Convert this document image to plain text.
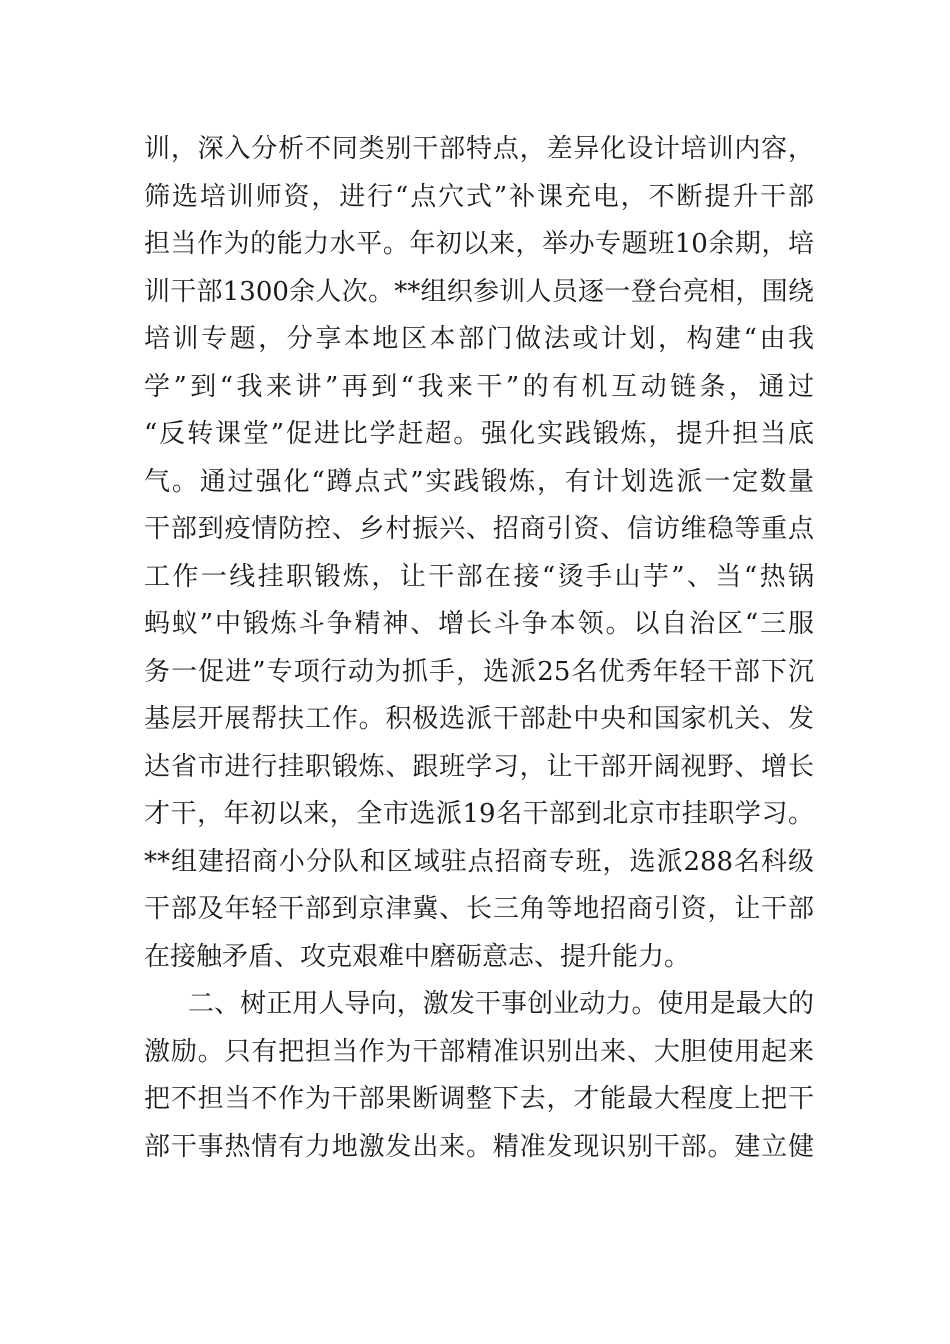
训，深入分析不同类别干部特点，差异化设计培训内容，
筛选培训师资，进行“点穴式”补课充电，不断提升干部
担当作为的能力水平。年初以来，举办专题班10余期，培
训干部1300余人次。**组织参训人员逐一登台亮相，围绕
培训专题，分享本地区本部门做法或计划，构建“由我
学”到“我来讲”再到“我来干”的有机互动链条，通过
“反转课堂”促进比学赶超。强化实践锻炼，提升担当底
气。通过强化“蹲点式”实践锻炼，有计划选派一定数量
干部到疫情防控、乡村振兴、招商引资、信访维稳等重点
工作一线挂职锻炼，让干部在接“烫手山芋”、当“热锅
蚂蚁”中锻炼斗争精神、增长斗争本领。以自治区“三服
务一促进”专项行动为抓手，选派25名优秀年轻干部下沉
基层开展帮扶工作。积极选派干部赴中央和国家机关、发
达省市进行挂职锻炼、跟班学习，让干部开阔视野、增长
才干，年初以来，全市选派19名干部到北京市挂职学习。
**组建招商小分队和区域驻点招商专班，选派288名科级
干部及年轻干部到京津冀、长三角等地招商引资，让干部
在接触矛盾、攻克艰难中磨砺意志、提升能力。
二、树正用人导向，激发干事创业动力。使用是最大的
激励。只有把担当作为干部精准识别出来、大胆使用起来
把不担当不作为干部果断调整下去，才能最大程度上把干
部干事热情有力地激发出来。精准发现识别干部。建立健
